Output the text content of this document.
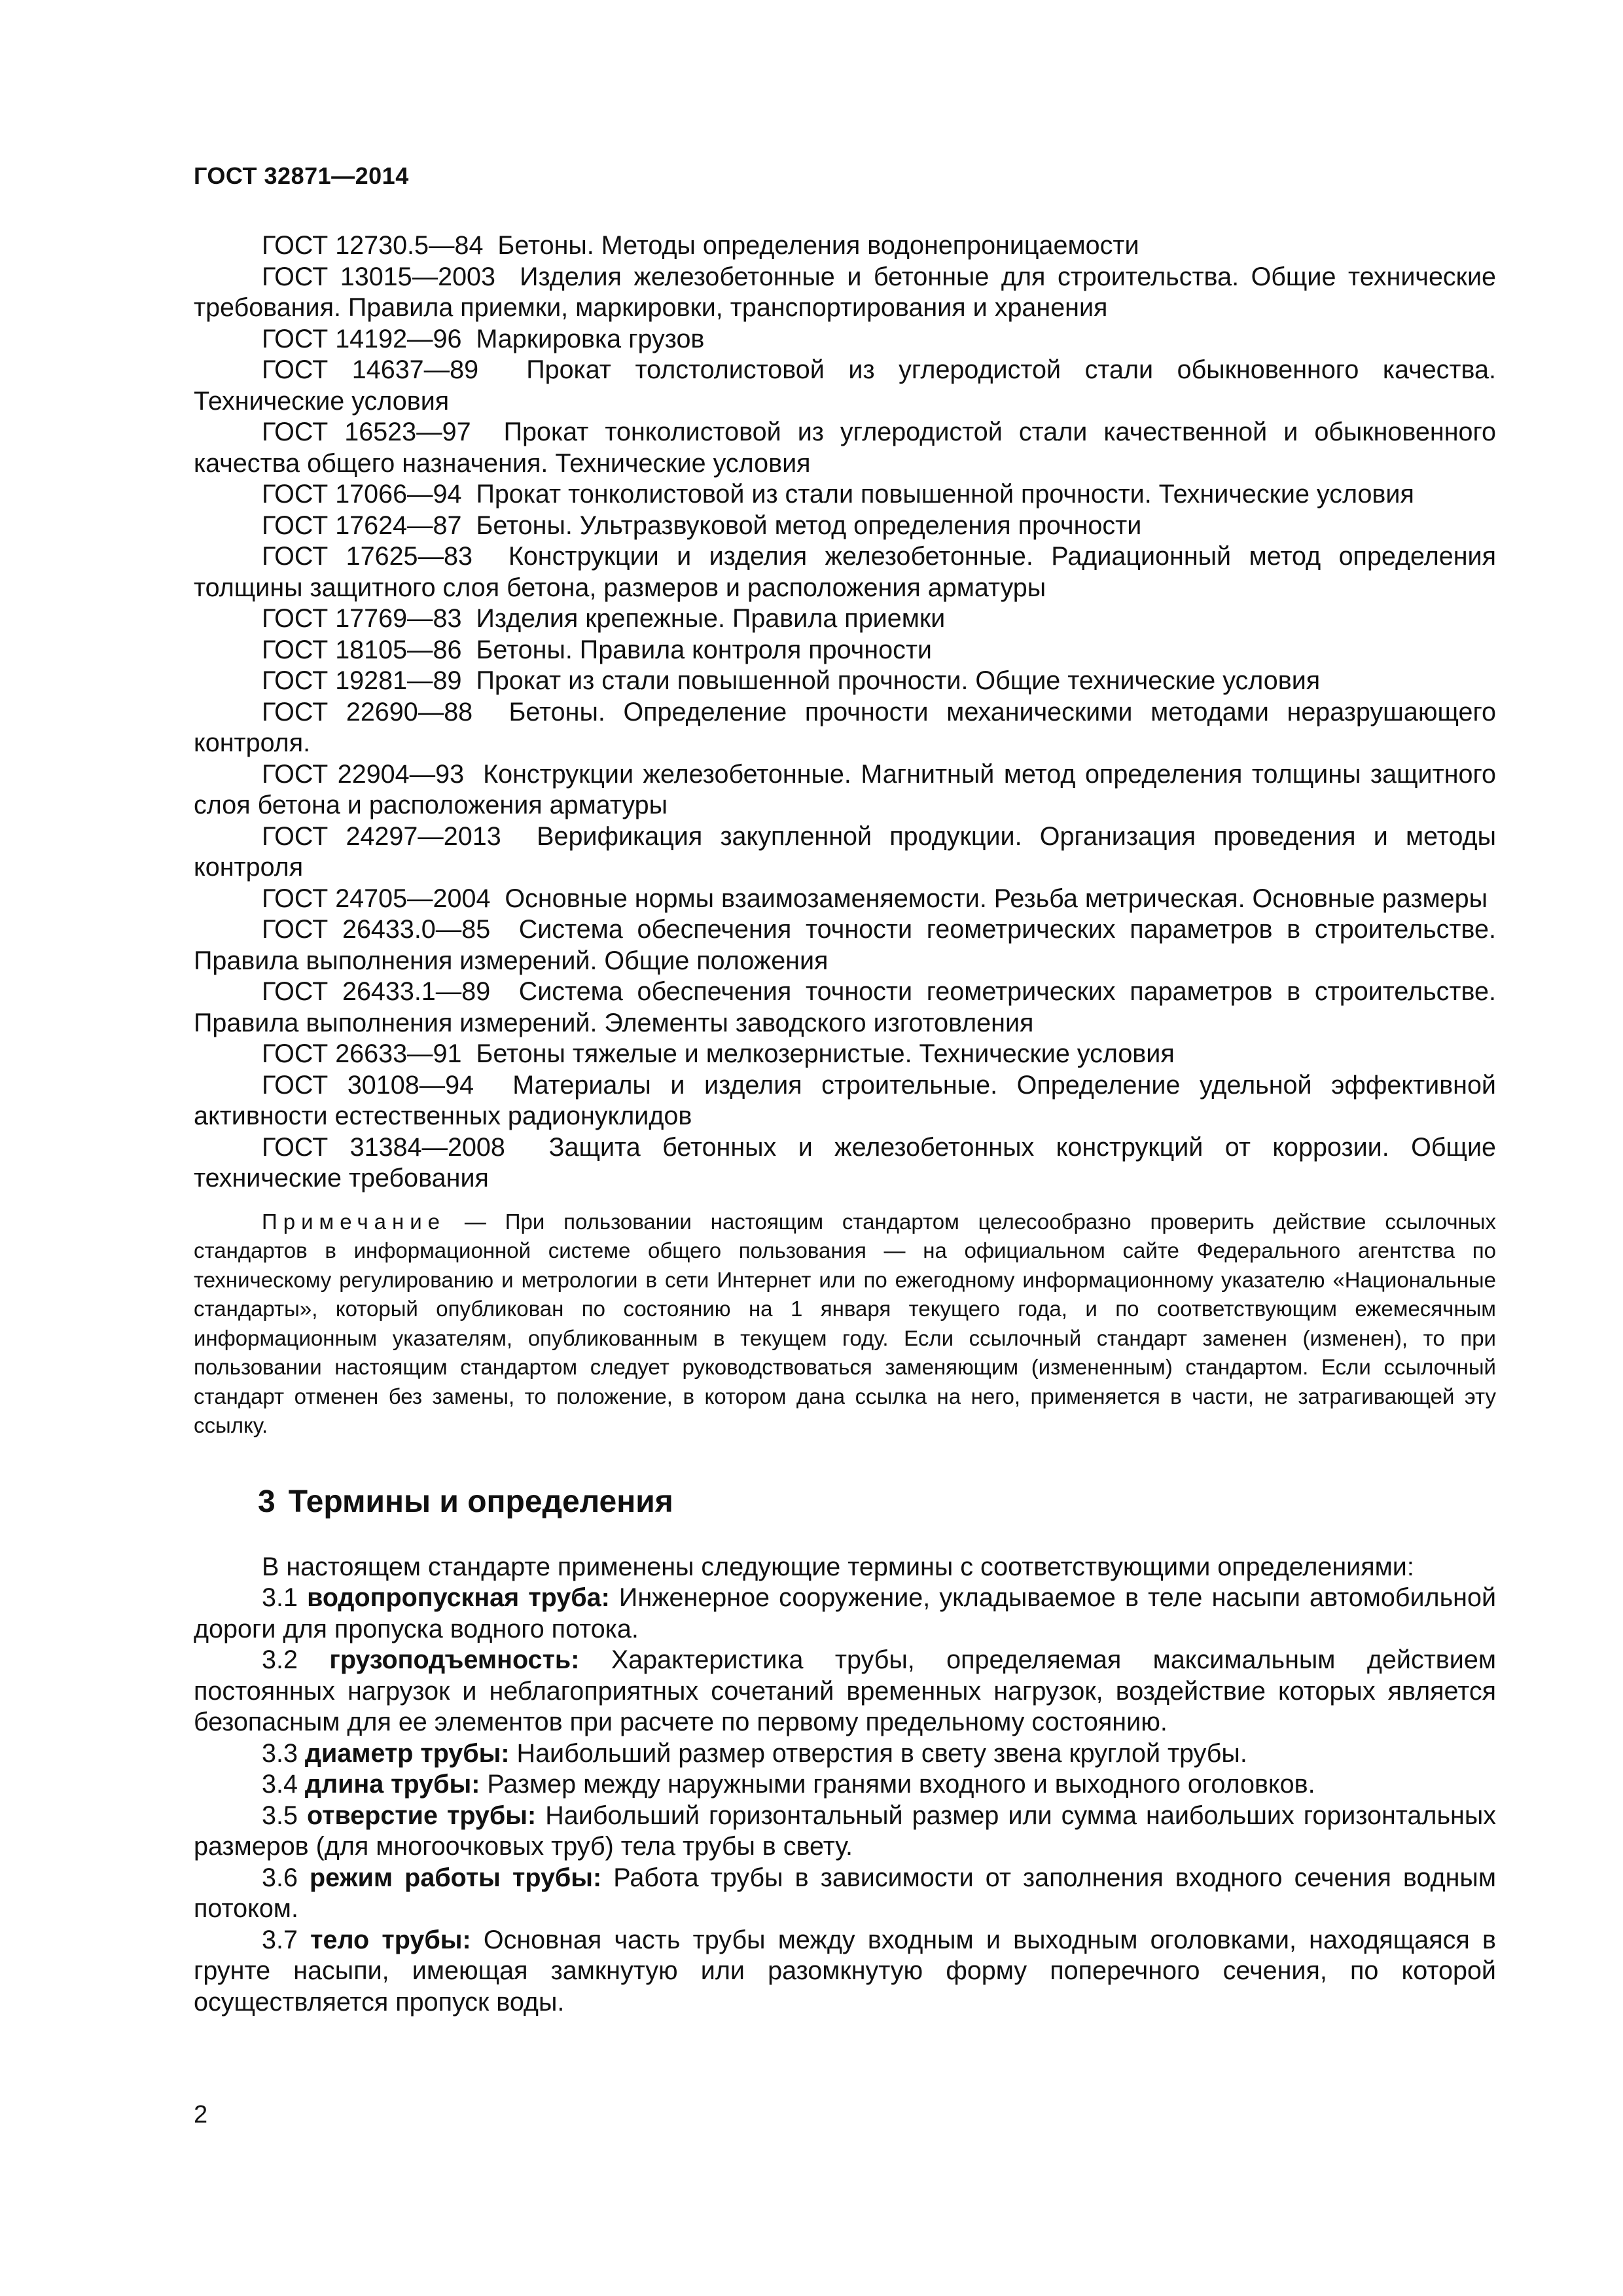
ГОСТ 32871—2014

ГОСТ 12730.5—84 Бетоны. Методы определения водонепроницаемости

ГОСТ 13015—2003 Изделия железобетонные и бетонные для строительства. Общие технические требования. Правила приемки, маркировки, транспортирования и хранения

ГОСТ 14192—96 Маркировка грузов

ГОСТ 14637—89 Прокат толстолистовой из углеродистой стали обыкновенного качества. Технические условия

ГОСТ 16523—97 Прокат тонколистовой из углеродистой стали качественной и обыкновенного качества общего назначения. Технические условия

ГОСТ 17066—94 Прокат тонколистовой из стали повышенной прочности. Технические условия

ГОСТ 17624—87 Бетоны. Ультразвуковой метод определения прочности

ГОСТ 17625—83 Конструкции и изделия железобетонные. Радиационный метод определения толщины защитного слоя бетона, размеров и расположения арматуры

ГОСТ 17769—83 Изделия крепежные. Правила приемки

ГОСТ 18105—86 Бетоны. Правила контроля прочности

ГОСТ 19281—89 Прокат из стали повышенной прочности. Общие технические условия

ГОСТ 22690—88 Бетоны. Определение прочности механическими методами неразрушающего контроля.

ГОСТ 22904—93 Конструкции железобетонные. Магнитный метод определения толщины защитного слоя бетона и расположения арматуры

ГОСТ 24297—2013 Верификация закупленной продукции. Организация проведения и методы контроля

ГОСТ 24705—2004 Основные нормы взаимозаменяемости. Резьба метрическая. Основные размеры

ГОСТ 26433.0—85 Система обеспечения точности геометрических параметров в строительстве. Правила выполнения измерений. Общие положения

ГОСТ 26433.1—89 Система обеспечения точности геометрических параметров в строительстве. Правила выполнения измерений. Элементы заводского изготовления

ГОСТ 26633—91 Бетоны тяжелые и мелкозернистые. Технические условия

ГОСТ 30108—94 Материалы и изделия строительные. Определение удельной эффективной активности естественных радионуклидов

ГОСТ 31384—2008 Защита бетонных и железобетонных конструкций от коррозии. Общие технические требования

Примечание — При пользовании настоящим стандартом целесообразно проверить действие ссылочных стандартов в информационной системе общего пользования — на официальном сайте Федерального агентства по техническому регулированию и метрологии в сети Интернет или по ежегодному информационному указателю «Национальные стандарты», который опубликован по состоянию на 1 января текущего года, и по соответствующим ежемесячным информационным указателям, опубликованным в текущем году. Если ссылочный стандарт заменен (изменен), то при пользовании настоящим стандартом следует руководствоваться заменяющим (измененным) стандартом. Если ссылочный стандарт отменен без замены, то положение, в котором дана ссылка на него, применяется в части, не затрагивающей эту ссылку.
3 Термины и определения

В настоящем стандарте применены следующие термины с соответствующими определениями:

3.1 водопропускная труба: Инженерное сооружение, укладываемое в теле насыпи автомобильной дороги для пропуска водного потока.

3.2 грузоподъемность: Характеристика трубы, определяемая максимальным действием постоянных нагрузок и неблагоприятных сочетаний временных нагрузок, воздействие которых является безопасным для ее элементов при расчете по первому предельному состоянию.

3.3 диаметр трубы: Наибольший размер отверстия в свету звена круглой трубы.

3.4 длина трубы: Размер между наружными гранями входного и выходного оголовков.

3.5 отверстие трубы: Наибольший горизонтальный размер или сумма наибольших горизонтальных размеров (для многоочковых труб) тела трубы в свету.

3.6 режим работы трубы: Работа трубы в зависимости от заполнения входного сечения водным потоком.

3.7 тело трубы: Основная часть трубы между входным и выходным оголовками, находящаяся в грунте насыпи, имеющая замкнутую или разомкнутую форму поперечного сечения, по которой осуществляется пропуск воды.

2
